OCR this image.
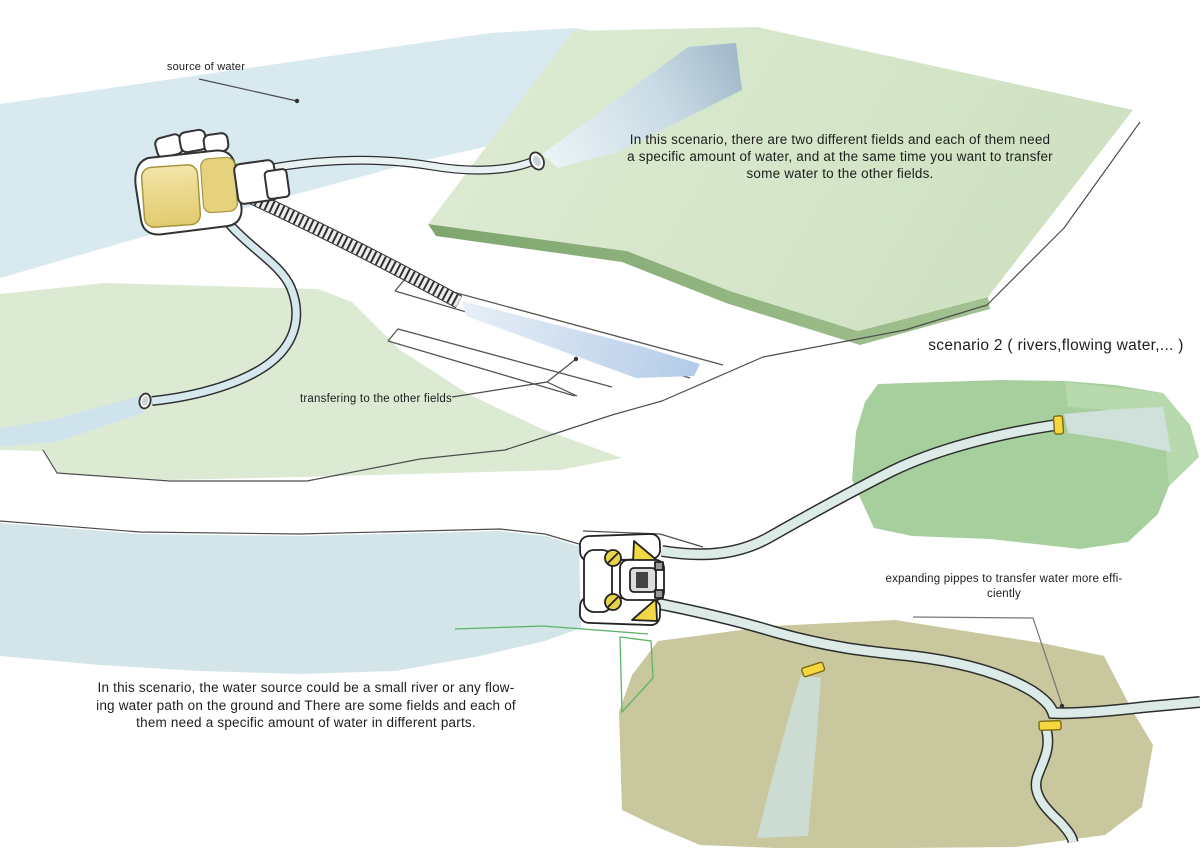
source of water
In this scenario, there are two different fields and each of them need
a specific amount of water, and at the same time you want to transfer
some water to the other fields.
scenario 2 ( rivers,flowing water,... )
transfering to the other fields
expanding pippes to transfer water more effi-
ciently
In this scenario, the water source could be a small river or any flow-
ing water path on the ground and There are some fields and each of
them need a specific amount of water in different parts.
